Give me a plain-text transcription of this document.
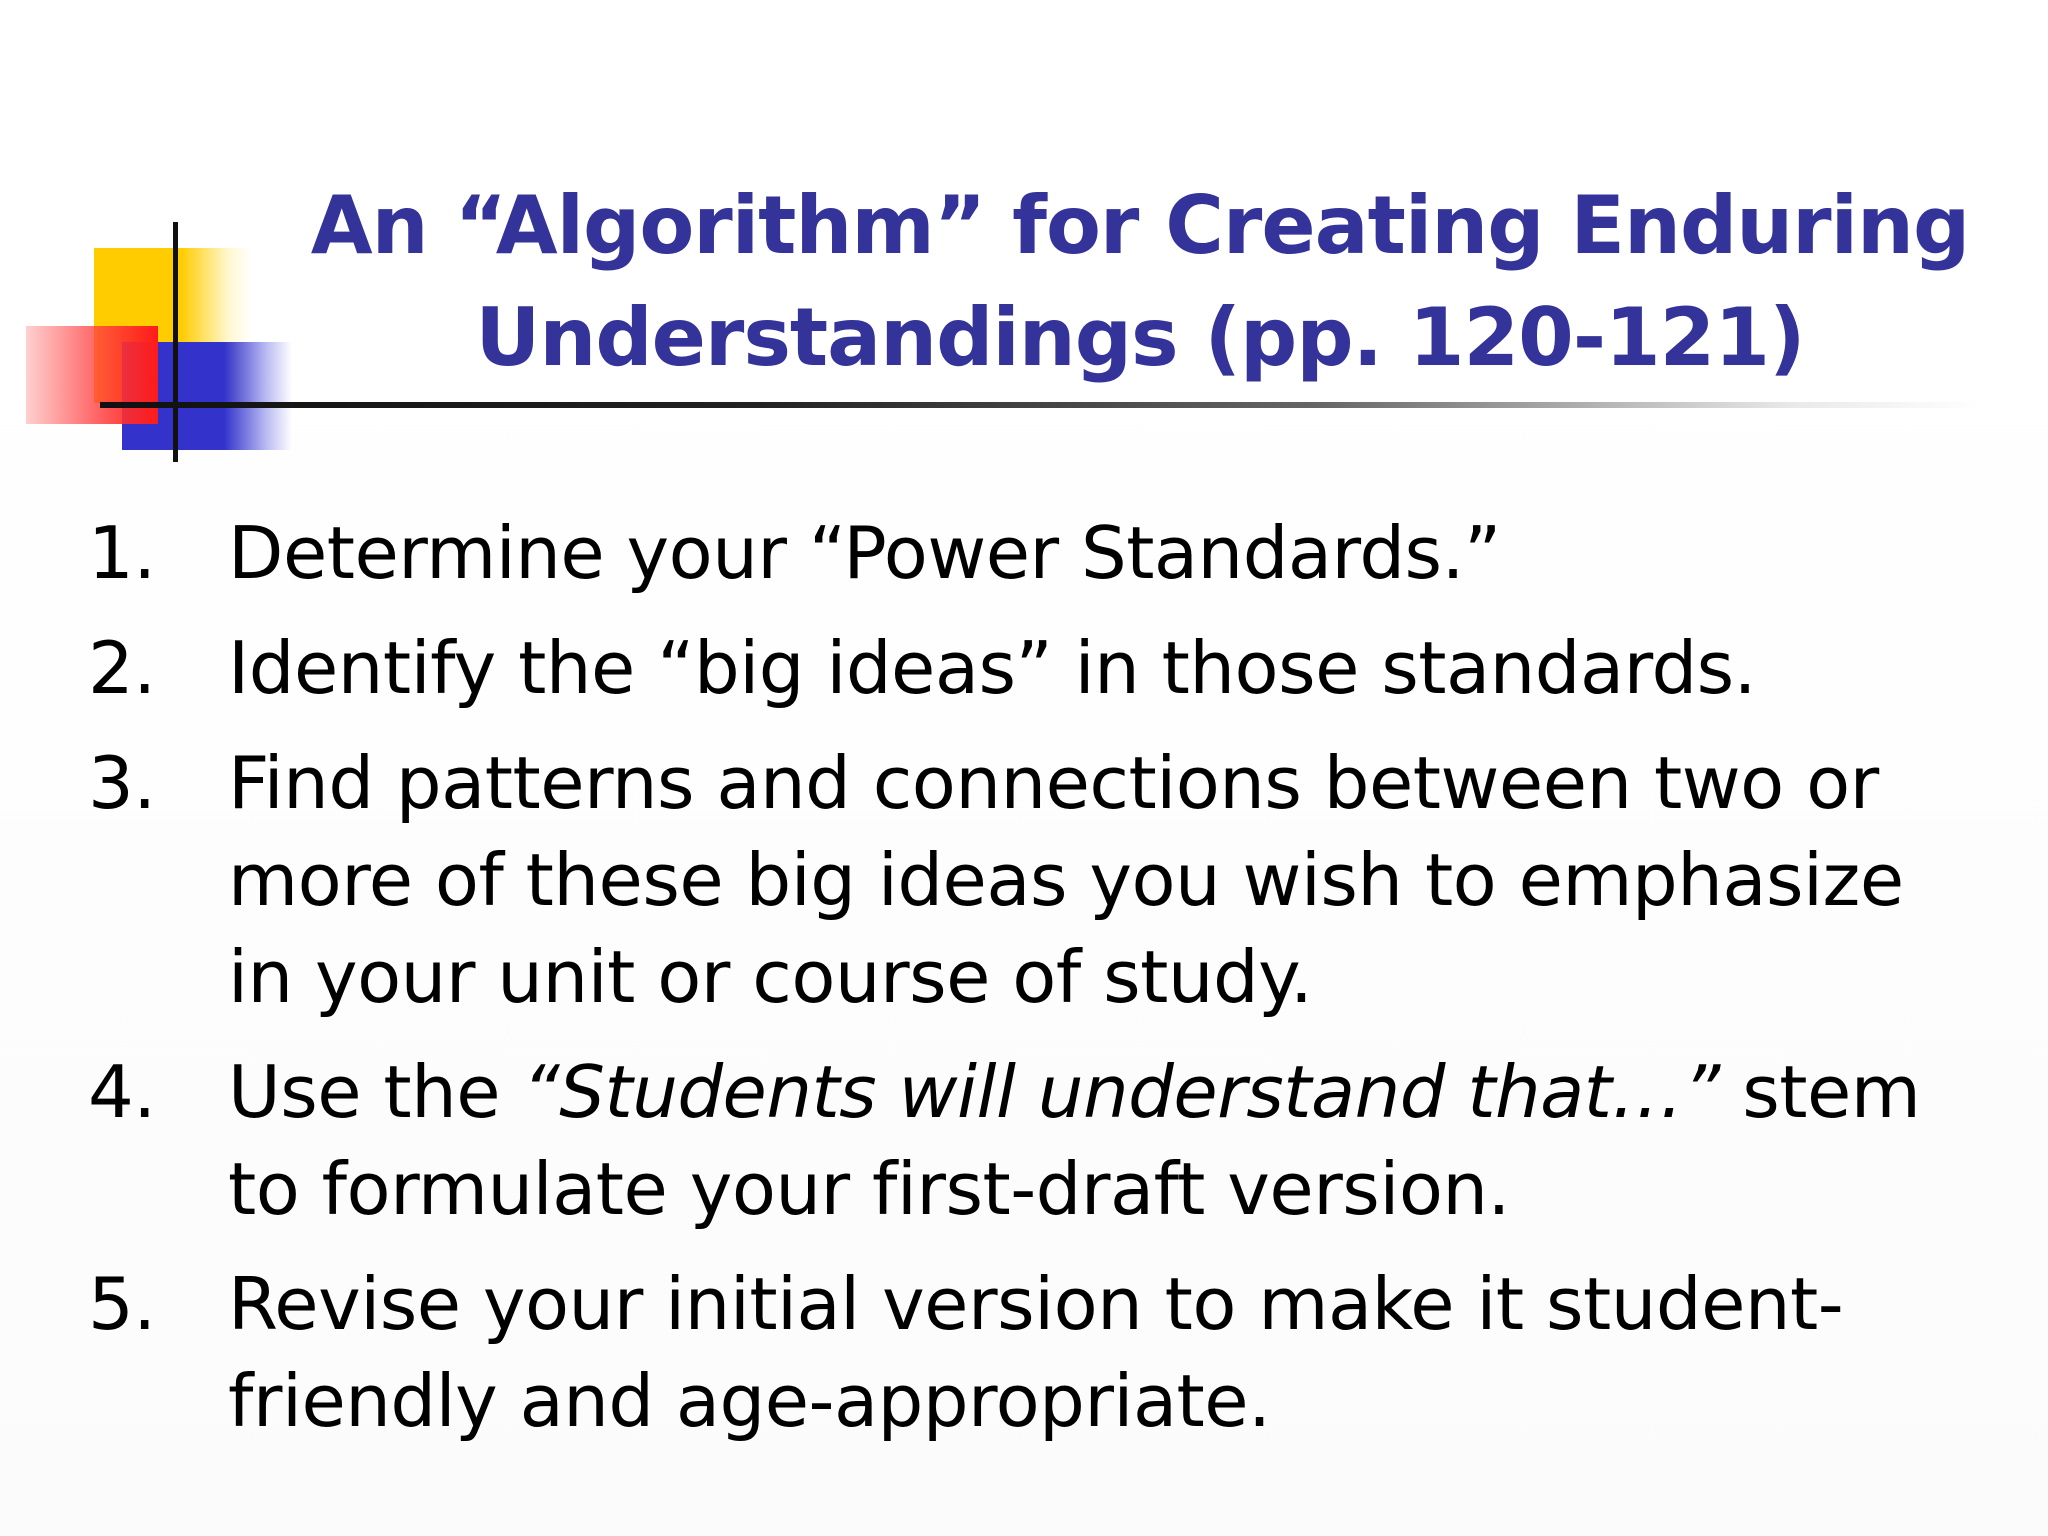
An “Algorithm” for Creating Enduring
Understandings (pp. 120-121)
1. Determine your “Power Standards.”
2. Identify the “big ideas” in those standards.
3. Find patterns and connections between two or
more of these big ideas you wish to emphasize
in your unit or course of study.
4. Use the “Students will understand that…” stem
to formulate your first-draft version.
5. Revise your initial version to make it student-
friendly and age-appropriate.
